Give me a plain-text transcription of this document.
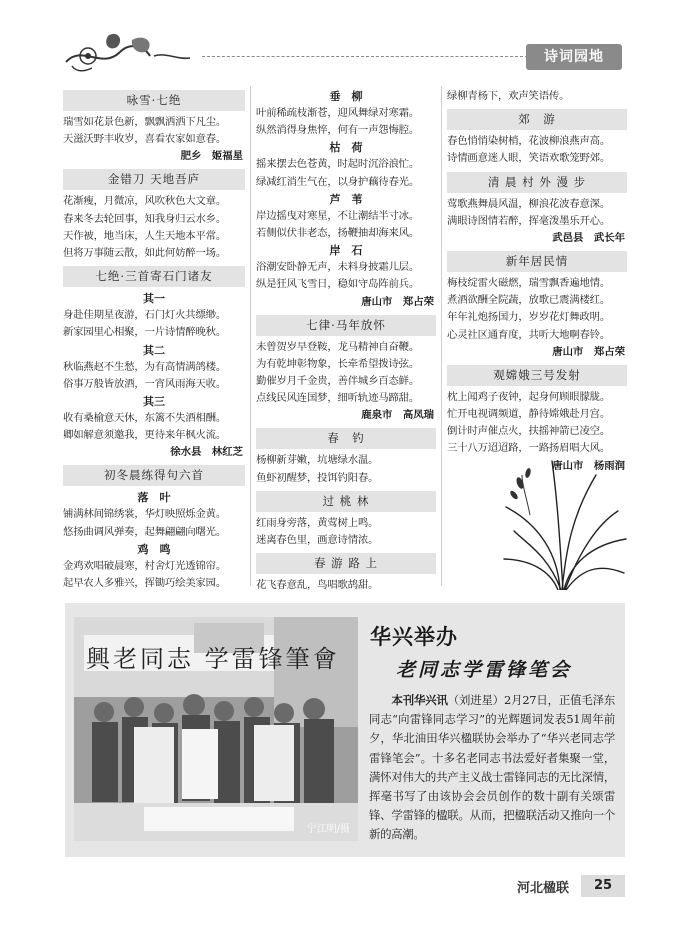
诗词园地
咏雪·七绝
瑞雪如花景色新，飘飘洒洒下凡尘。
天滋沃野丰收岁，喜看农家如意春。
肥乡　姬福星
金错刀 天地吾庐
花渐瘦，月微凉，风吹秋色大文章。
春来冬去轮回事，知我身归云水乡。
天作被，地当床，人生天地本平常。
但将万事随云散，如此何妨醉一场。
七绝·三首寄石门诸友
其一
身赴佳期星夜游，石门灯火共缥缈。
新家园里心相聚，一片诗情醉晚秋。
其二
秋临燕赵不生愁，为有高情满鸽楼。
俗事万般皆放酒，一宵风雨海天收。
其三
收有桑榆意天休，东篱不失酒相酬。
卿如解意须邀我，更待来年枫火流。
徐水县　林红芝
初冬晨练得句六首
落　叶
铺满林间锦绣裳，华灯映照烁金黄。
悠扬曲调风弹奏，起舞翩翩向曙光。
鸡　鸣
金鸡欢唱破晨寒，村舍灯光透锦帘。
起早农人多雅兴，挥锄巧绘美家园。
垂　柳
叶前稀疏枝渐苍，迎风舞绿对寒霜。
纵然消得身焦悴，何有一声怨悔腔。
枯　荷
摇来摆去色苍黄，时起时沉浴浪忙。
绿减红消生气在，以身护藕待春光。
芦　苇
岸边摇曳对寒星，不让潮结半寸冰。
若侧似伏非老态，扬鞭抽却海来风。
岸　石
浴潮安卧静无声，未料身披霜儿层。
纵是狂风飞雪日，稳如守岛阵前兵。
唐山市　郑占荣
七律·马年放怀
未曾贺岁早登鞍，龙马精神自奋鞭。
为有乾坤彰物象，长牵希望拨诗弦。
勤催岁月千金贵，善伴城乡百态鲜。
点线民风连国梦，细听轨迹马蹄甜。
鹿泉市　高凤瑞
春　钓
杨柳新芽嫩，坑塘绿水温。
鱼虾初醒梦，投饵钓阳春。
过 桃 林
红雨身旁落，黄莺树上鸣。
迷离春色里，画意诗情浓。
春 游 路 上
花飞春意乱，鸟唱歌鸪甜。
绿柳青杨下，欢声笑语传。
郊　游
春色悄悄染树梢，花波柳浪燕声高。
诗情画意迷人眼，笑语欢歌笼野郊。
清 晨 村 外 漫 步
莺歌燕舞晨风温，柳浪花波春意深。
满眼诗图情若醉，挥毫泼墨乐开心。
武邑县　武长年
新年居民情
梅枝绽雷火磁燃，瑞雪飘香遍地情。
煮酒欲酬全院蔬，放歌已震满楼红。
年年礼炮扬国力，岁岁花灯舞政明。
心灵社区通育度，共听大地啊春铃。
唐山市　郑占荣
观嫦娥三号发射
枕上闻鸡子夜钟，起身何顾眼朦胧。
忙开电视调频道，静待嫦娥赴月宫。
倒计时声催点火，扶摇神箭已凌空。
三十八万迢迢路，一路扬眉唱大风。
唐山市　杨雨润
興老同志 学雷锋筆會
宁江明/摄
华兴举办
老同志学雷锋笔会
　　本刊华兴讯（刘进星）2月27日，正值毛泽东同志“向雷锋同志学习”的光辉题词发表51周年前夕，华北油田华兴楹联协会举办了“华兴老同志学雷锋笔会”。十多名老同志书法爱好者集聚一堂，满怀对伟大的共产主义战士雷锋同志的无比深情，挥毫书写了由该协会会员创作的数十副有关颂雷锋、学雷锋的楹联。从而，把楹联活动又推向一个新的高潮。
河北楹联	25
